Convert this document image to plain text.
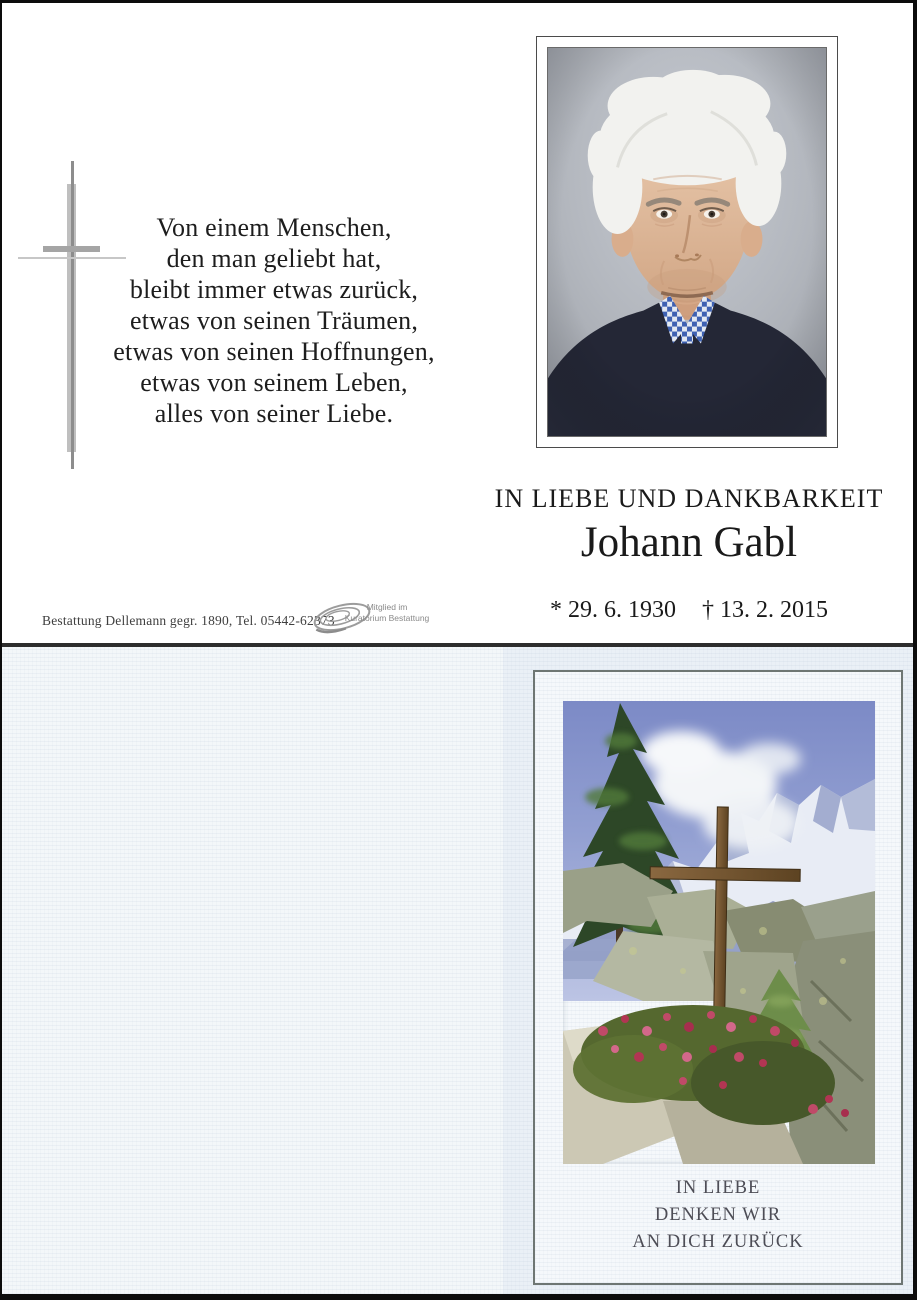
Von einem Menschen,
den man geliebt hat,
bleibt immer etwas zurück,
etwas von seinen Träumen,
etwas von seinen Hoffnungen,
etwas von seinem Leben,
alles von seiner Liebe.
IN LIEBE UND DANKBARKEIT
Johann Gabl
* 29. 6. 1930 † 13. 2. 2015
Bestattung Dellemann gegr. 1890, Tel. 05442-62373
Mitglied im
Kuratorium Bestattung
IN LIEBE
DENKEN WIR
AN DICH ZURÜCK
